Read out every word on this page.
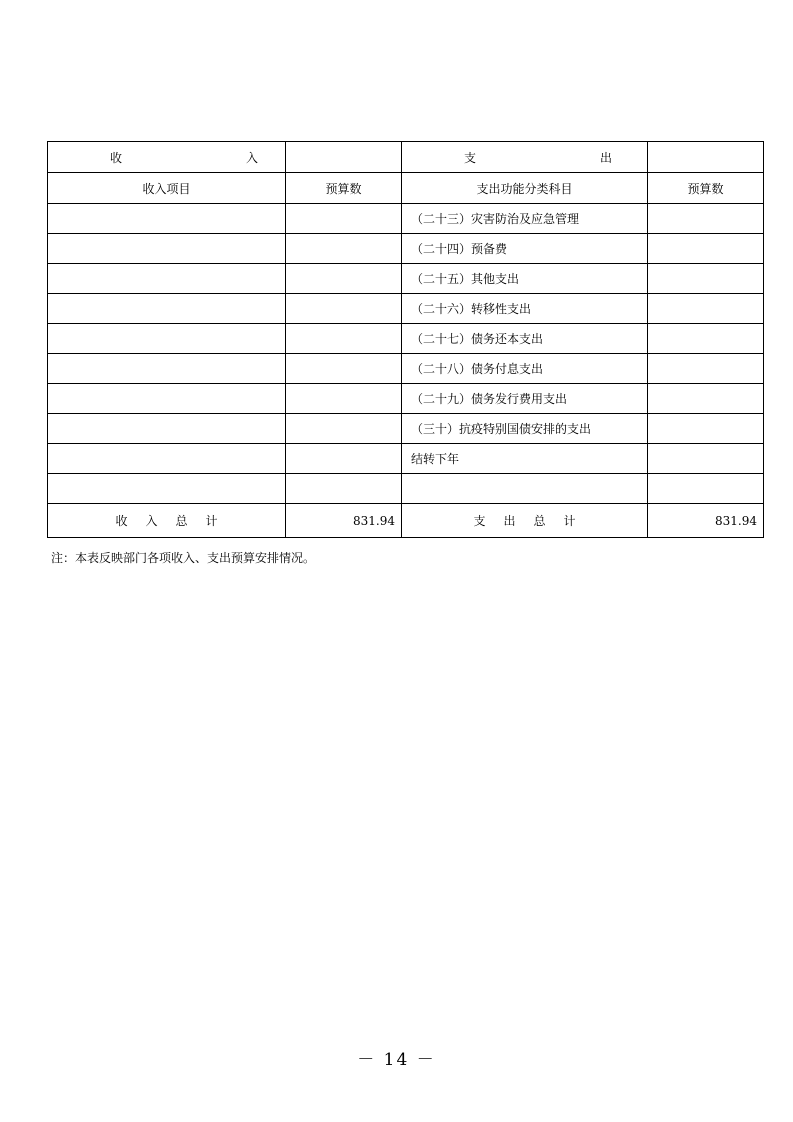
收　入		支　出	
收入项目	预算数	支出功能分类科目	预算数
		（二十三）灾害防治及应急管理	
		（二十四）预备费	
		（二十五）其他支出	
		（二十六）转移性支出	
		（二十七）债务还本支出	
		（二十八）债务付息支出	
		（二十九）债务发行费用支出	
		（三十）抗疫特别国债安排的支出	
		结转下年	

收入总计	831.94	支出总计	831.94
注：本表反映部门各项收入、支出预算安排情况。
－ 14 －
